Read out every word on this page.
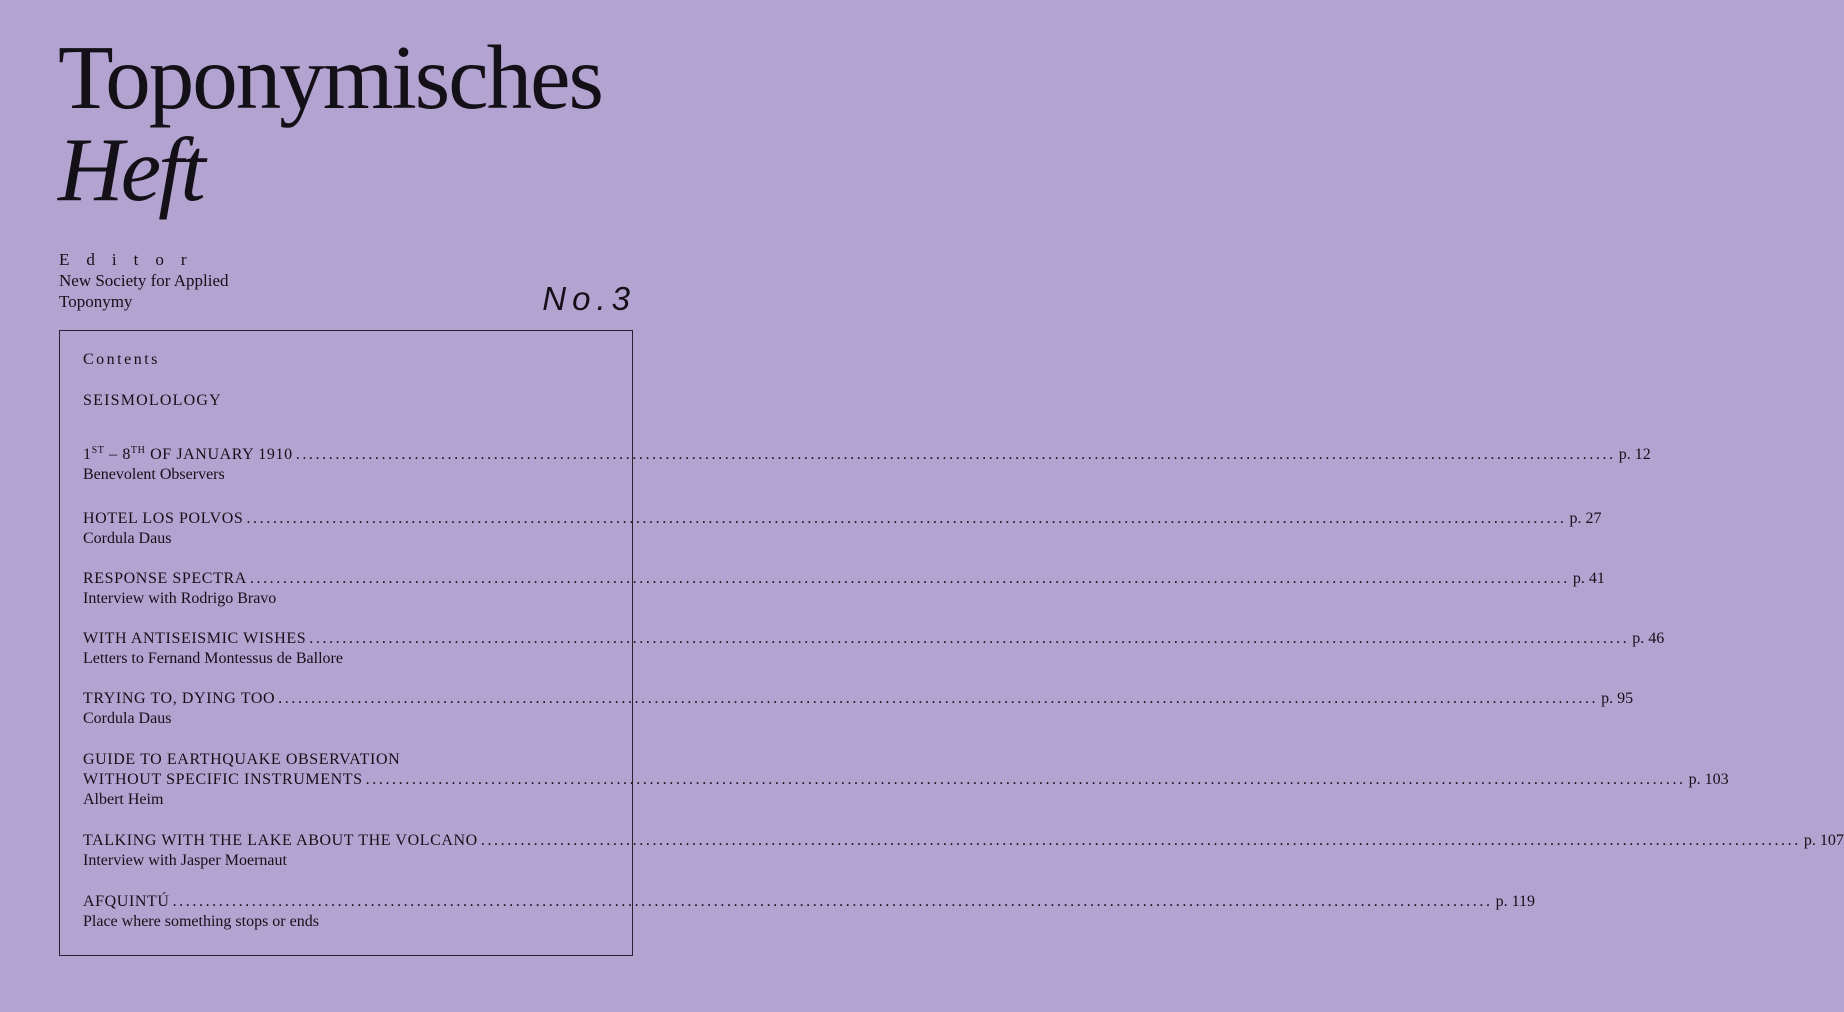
Toponymisches
Heft
Editor
New Society for Applied Toponymy	No.3
Contents
SEISMOLOLOGY
1ST – 8TH OF JANUARY 1910 ........................................................................................................................................................................................................ p. 12
Benevolent Observers
HOTEL LOS POLVOS ........................................................................................................................................................................................................ p. 27
Cordula Daus
RESPONSE SPECTRA ........................................................................................................................................................................................................ p. 41
Interview with Rodrigo Bravo
WITH ANTISEISMIC WISHES ........................................................................................................................................................................................................ p. 46
Letters to Fernand Montessus de Ballore
TRYING TO, DYING TOO ........................................................................................................................................................................................................ p. 95
Cordula Daus
GUIDE TO EARTHQUAKE OBSERVATION
WITHOUT SPECIFIC INSTRUMENTS ........................................................................................................................................................................................................ p. 103
Albert Heim
TALKING WITH THE LAKE ABOUT THE VOLCANO ........................................................................................................................................................................................................ p. 107
Interview with Jasper Moernaut
AFQUINTÚ ........................................................................................................................................................................................................ p. 119
Place where something stops or ends
